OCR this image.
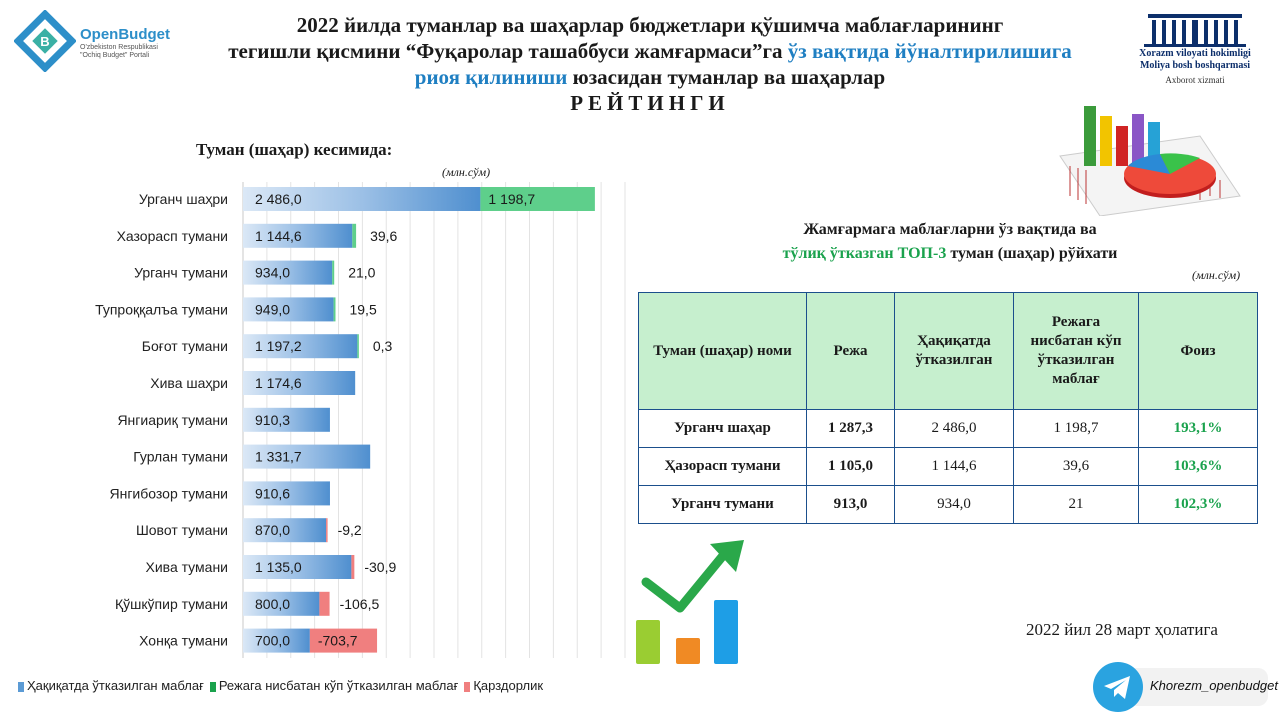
B OpenBudget
O'zbekiston Respublikasi
"Ochiq Budget" Portali
2022 йилда туманлар ва шаҳарлар бюджетлари қўшимча маблағларининг
тегишли қисмини “Фуқаролар ташаббуси жамғармаси”га ўз вақтида йўналтирилишига
риоя қилиниши юзасидан туманлар ва шаҳарлар
РЕЙТИНГИ
Xorazm viloyati hokimligi
Moliya bosh boshqarmasi
Axborot xizmati
Туман (шаҳар) кесимида:
(млн.сўм)
Урганч шаҳри 2 486,0	1 198,7
Хазорасп тумани 1 144,6	39,6
Урганч тумани 934,0	21,0
Тупроққалъа тумани 949,0	19,5
Боғот тумани 1 197,2	0,3
Хива шаҳри 1 174,6
Янгиариқ тумани 910,3
Гурлан тумани 1 331,7
Янгибозор тумани 910,6
Шовот тумани 870,0	-9,2
Хива тумани 1 135,0	-30,9
Қўшкўпир тумани 800,0	-106,5
Хонқа тумани 700,0 -703,7
Ҳақиқатда ўтказилган маблағ	Режага нисбатан кўп ўтказилган маблағ	Қарздорлик
Жамғармага маблағларни ўз вақтида ва
тўлиқ ўтказган ТОП-3 туман (шаҳар) рўйхати
(млн.сўм)
Туман (шаҳар) номи	Режа	Ҳақиқатда ўтказилган	Режага нисбатан кўп ўтказилган маблағ	Фоиз
Урганч шаҳар	1 287,3	2 486,0	1 198,7	193,1%
Ҳазорасп тумани	1 105,0	1 144,6	39,6	103,6%
Урганч тумани	913,0	934,0	21	102,3%
2022 йил 28 март ҳолатига
Khorezm_openbudget
